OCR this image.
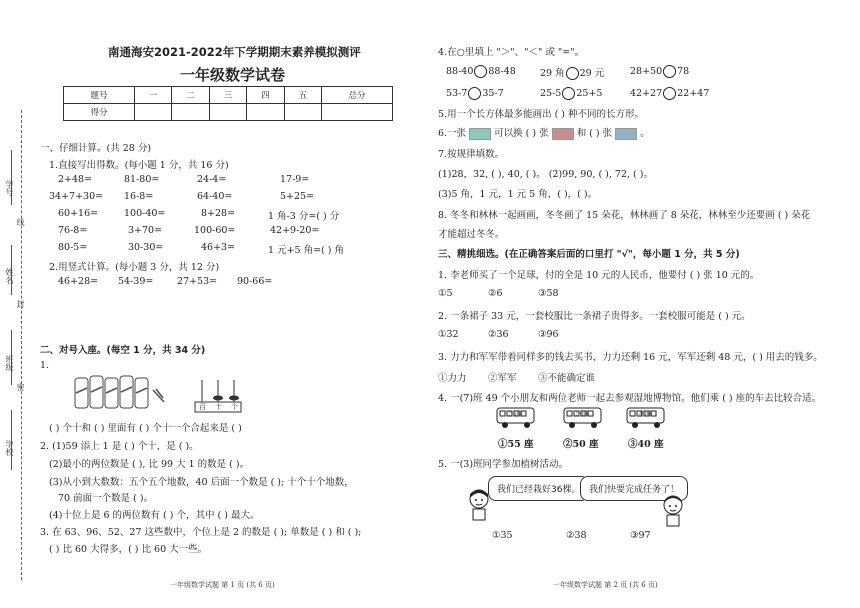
学号
线
姓名
封
班级
密
学校
南通海安2021-2022年下学期期末素养模拟测评
一年级数学试卷
题号	一	二	三	四	五	总分
得分						
一、仔细计算。(共 28 分)
1.直接写出得数。(每小题 1 分，共 16 分)
2+48=	81-80=	24-4=	17-9=
34+7+30= 16-8=	64-40=	5+25=
60+16=	100-40=	8+28=	1 角-3 分=( ) 分
76-8=	3+70=	100-60=	42+9-20=
80-5=	30-30=	46+3=	1 元+5 角=( ) 角
2.用竖式计算。(每小题 3 分，共 12 分)
46+28= 54-39= 27+53= 90-66=
二、对号入座。(每空 1 分，共 34 分)
1.
百 十 个
( ) 个十和 ( ) 里面有 ( ) 个十一个合起来是 ( )
2. (1)59 添上 1 是 ( ) 个十，是 ( )。
(2)最小的两位数是 ( ), 比 99 大 1 的数是 ( )。
(3)从小到大数数：五个五个地数，40 后面一个数是 ( ); 十个十个地数，
70 前面一个数是 ( )。
(4)十位上是 6 的两位数有 ( ) 个，其中 ( ) 最大。
3. 在 63、96、52、27 这些数中，个位上是 2 的数是 ( ); 单数是 ( ) 和 ( );
( ) 比 60 大得多，( ) 比 60 大一些。
一年级数学试题 第 1 页 (共 6 页)
4.在○里填上 "＞"、"＜" 或 "="。
88-40 88-48	29 角 29 元	28+50 78
53-7 35-7	25-5 25+5	42+27 22+47
5.用一个长方体最多能画出 ( ) 种不同的长方形。
6.一张	可以换 ( ) 张	和 ( ) 张	。
7.按规律填数。
(1)28，32, ( ), 40, ( )。 (2)99, 90, ( ), 72, ( )。
(3)5 角，1 元，1 元 5 角，( )，( )。
8. 冬冬和林林一起画画，冬冬画了 15 朵花，林林画了 8 朵花，林林至少还要画 ( ) 朵花
才能超过冬冬。
三、精挑细选。(在正确答案后面的口里打 "√"，每小题 1 分，共 5 分)
1. 李老师买了一个足球，付的全是 10 元的人民币，他要付 ( ) 张 10 元的。
①5	②6	③58
2. 一条裙子 33 元，一套校服比一条裙子贵得多。一套校服可能是 ( ) 元。
①32	②36	③96
3. 力力和军军带着同样多的钱去买书，力力还剩 16 元，军军还剩 48 元，( ) 用去的钱多。
①力力 ②军军 ③不能确定谁
4. 一(7)班 49 个小朋友和两位老师一起去参观湿地博物馆。他们乘 ( ) 座的车去比较合适。
55座	50座	40座
①55 座	②50 座	③40 座
5. 一(3)班同学参加植树活动。
我们已经栽好36棵。 我们快要完成任务了！
①35	②38	③97
一年级数学试题 第 2 页 (共 6 页)
